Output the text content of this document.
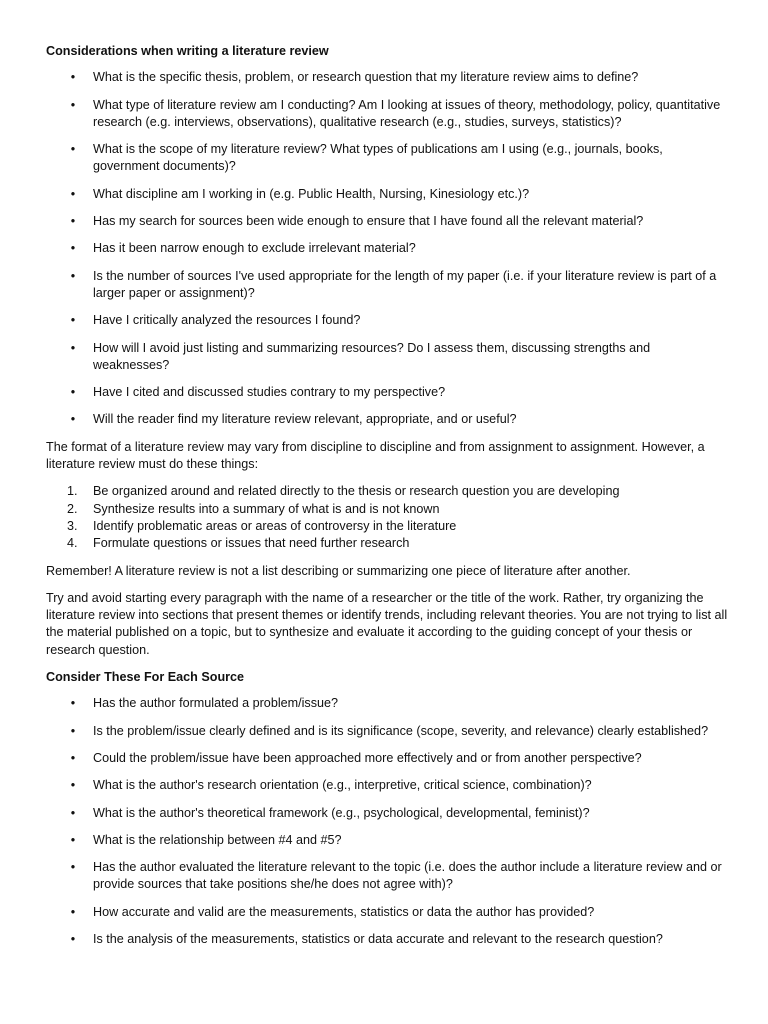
Considerations when writing a literature review
•	What is the specific thesis, problem, or research question that my literature review aims to define?
•	What type of literature review am I conducting? Am I looking at issues of theory, methodology, policy, quantitative research (e.g. interviews, observations), qualitative research (e.g., studies, surveys, statistics)?
•	What is the scope of my literature review? What types of publications am I using (e.g., journals, books, government documents)?
•	What discipline am I working in (e.g. Public Health, Nursing, Kinesiology etc.)?
•	Has my search for sources been wide enough to ensure that I have found all the relevant material?
•	Has it been narrow enough to exclude irrelevant material?
•	Is the number of sources I've used appropriate for the length of my paper (i.e. if your literature review is part of a larger paper or assignment)?
•	Have I critically analyzed the resources I found?
•	How will I avoid just listing and summarizing resources? Do I assess them, discussing strengths and weaknesses?
•	Have I cited and discussed studies contrary to my perspective?
•	Will the reader find my literature review relevant, appropriate, and or useful?

The format of a literature review may vary from discipline to discipline and from assignment to assignment. However, a literature review must do these things:

1. Be organized around and related directly to the thesis or research question you are developing
2. Synthesize results into a summary of what is and is not known
3. Identify problematic areas or areas of controversy in the literature
4. Formulate questions or issues that need further research

Remember! A literature review is not a list describing or summarizing one piece of literature after another.

Try and avoid starting every paragraph with the name of a researcher or the title of the work. Rather, try organizing the literature review into sections that present themes or identify trends, including relevant theories. You are not trying to list all the material published on a topic, but to synthesize and evaluate it according to the guiding concept of your thesis or research question.

Consider These For Each Source
•	Has the author formulated a problem/issue?
•	Is the problem/issue clearly defined and is its significance (scope, severity, and relevance) clearly established?
•	Could the problem/issue have been approached more effectively and or from another perspective?
•	What is the author's research orientation (e.g., interpretive, critical science, combination)?
•	What is the author's theoretical framework (e.g., psychological, developmental, feminist)?
•	What is the relationship between #4 and #5?
•	Has the author evaluated the literature relevant to the topic (i.e. does the author include a literature review and or provide sources that take positions she/he does not agree with)?
•	How accurate and valid are the measurements, statistics or data the author has provided?
•	Is the analysis of the measurements, statistics or data accurate and relevant to the research question?
